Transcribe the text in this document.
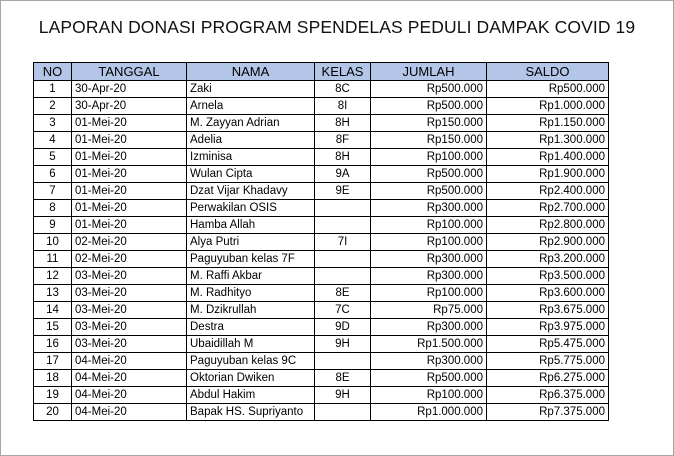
LAPORAN DONASI PROGRAM SPENDELAS PEDULI DAMPAK COVID 19
NO	TANGGAL	NAMA	KELAS	JUMLAH	SALDO
1	30-Apr-20	Zaki	8C	Rp500.000	Rp500.000
2	30-Apr-20	Arnela	8I	Rp500.000	Rp1.000.000
3	01-Mei-20	M. Zayyan Adrian	8H	Rp150.000	Rp1.150.000
4	01-Mei-20	Adelia	8F	Rp150.000	Rp1.300.000
5	01-Mei-20	Izminisa	8H	Rp100.000	Rp1.400.000
6	01-Mei-20	Wulan Cipta	9A	Rp500.000	Rp1.900.000
7	01-Mei-20	Dzat Vijar Khadavy	9E	Rp500.000	Rp2.400.000
8	01-Mei-20	Perwakilan OSIS		Rp300.000	Rp2.700.000
9	01-Mei-20	Hamba Allah		Rp100.000	Rp2.800.000
10	02-Mei-20	Alya Putri	7I	Rp100.000	Rp2.900.000
11	02-Mei-20	Paguyuban kelas 7F		Rp300.000	Rp3.200.000
12	03-Mei-20	M. Raffi Akbar		Rp300.000	Rp3.500.000
13	03-Mei-20	M. Radhityo	8E	Rp100.000	Rp3.600.000
14	03-Mei-20	M. Dzikrullah	7C	Rp75.000	Rp3.675.000
15	03-Mei-20	Destra	9D	Rp300.000	Rp3.975.000
16	03-Mei-20	Ubaidillah M	9H	Rp1.500.000	Rp5.475.000
17	04-Mei-20	Paguyuban kelas 9C		Rp300.000	Rp5.775.000
18	04-Mei-20	Oktorian Dwiken	8E	Rp500.000	Rp6.275.000
19	04-Mei-20	Abdul Hakim	9H	Rp100.000	Rp6.375.000
20	04-Mei-20	Bapak HS. Supriyanto		Rp1.000.000	Rp7.375.000
